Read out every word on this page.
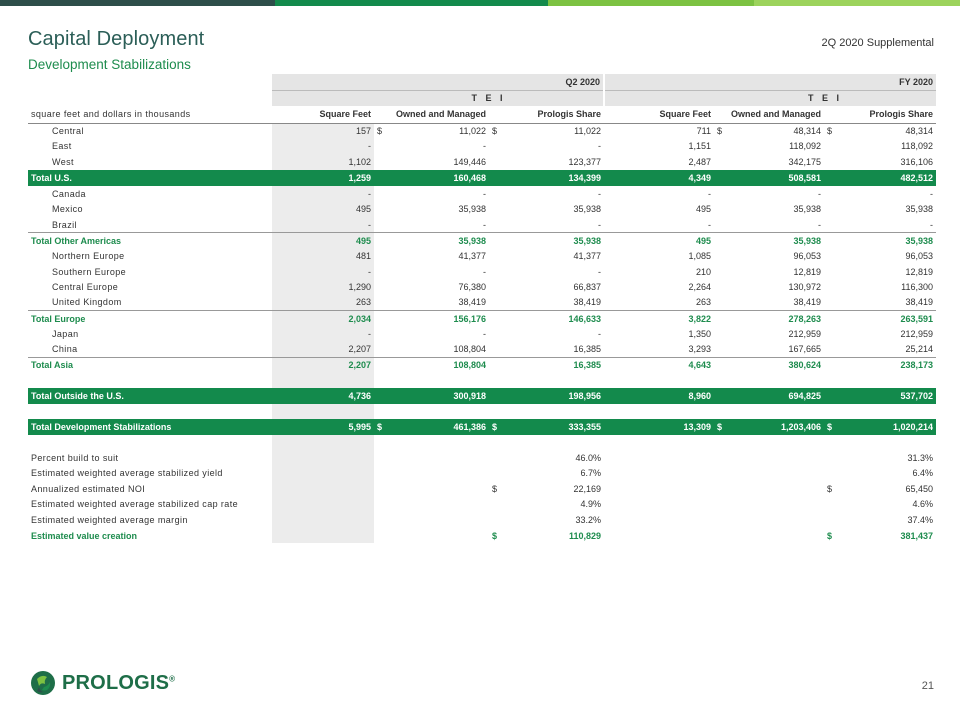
Capital Deployment
Development Stabilizations
2Q 2020 Supplemental
	Q2 2020			FY 2020		
		T E I			T E I	
square feet and dollars in thousands	Square Feet	Owned and Managed	Prologis Share	Square Feet	Owned and Managed	Prologis Share
Central	157	$ 11,022	$ 11,022	711	$ 48,314	$ 48,314

East	-	-	-	1,151	118,092	118,092

West	1,102	149,446	123,377	2,487	342,175	316,106

Total U.S.	1,259	160,468	134,399	4,349	508,581	482,512
Canada	-	-	-	-	-	-

Mexico	495	35,938	35,938	495	35,938	35,938

Brazil	-	-	-	-	-	-

Total Other Americas	495	35,938	35,938	495	35,938	35,938
Northern Europe	481	41,377	41,377	1,085	96,053	96,053

Southern Europe	-	-	-	210	12,819	12,819

Central Europe	1,290	76,380	66,837	2,264	130,972	116,300

United Kingdom	263	38,419	38,419	263	38,419	38,419

Total Europe	2,034	156,176	146,633	3,822	278,263	263,591
Japan	-	-	-	1,350	212,959	212,959

China	2,207	108,804	16,385	3,293	167,665	25,214

Total Asia	2,207	108,804	16,385	4,643	380,624	238,173

Total Outside the U.S.	4,736	300,918	198,956	8,960	694,825	537,702

Total Development Stabilizations	5,995	$ 461,386	$ 333,355	13,309	$ 1,203,406	$ 1,020,214

Percent build to suit			46.0%			31.3%

Estimated weighted average stabilized yield			6.7%			6.4%

Annualized estimated NOI			$ 22,169			$ 65,450

Estimated weighted average stabilized cap rate			4.9%			4.6%

Estimated weighted average margin			33.2%			37.4%

Estimated value creation			$ 110,829			$ 381,437
PROLOGIS®
21
